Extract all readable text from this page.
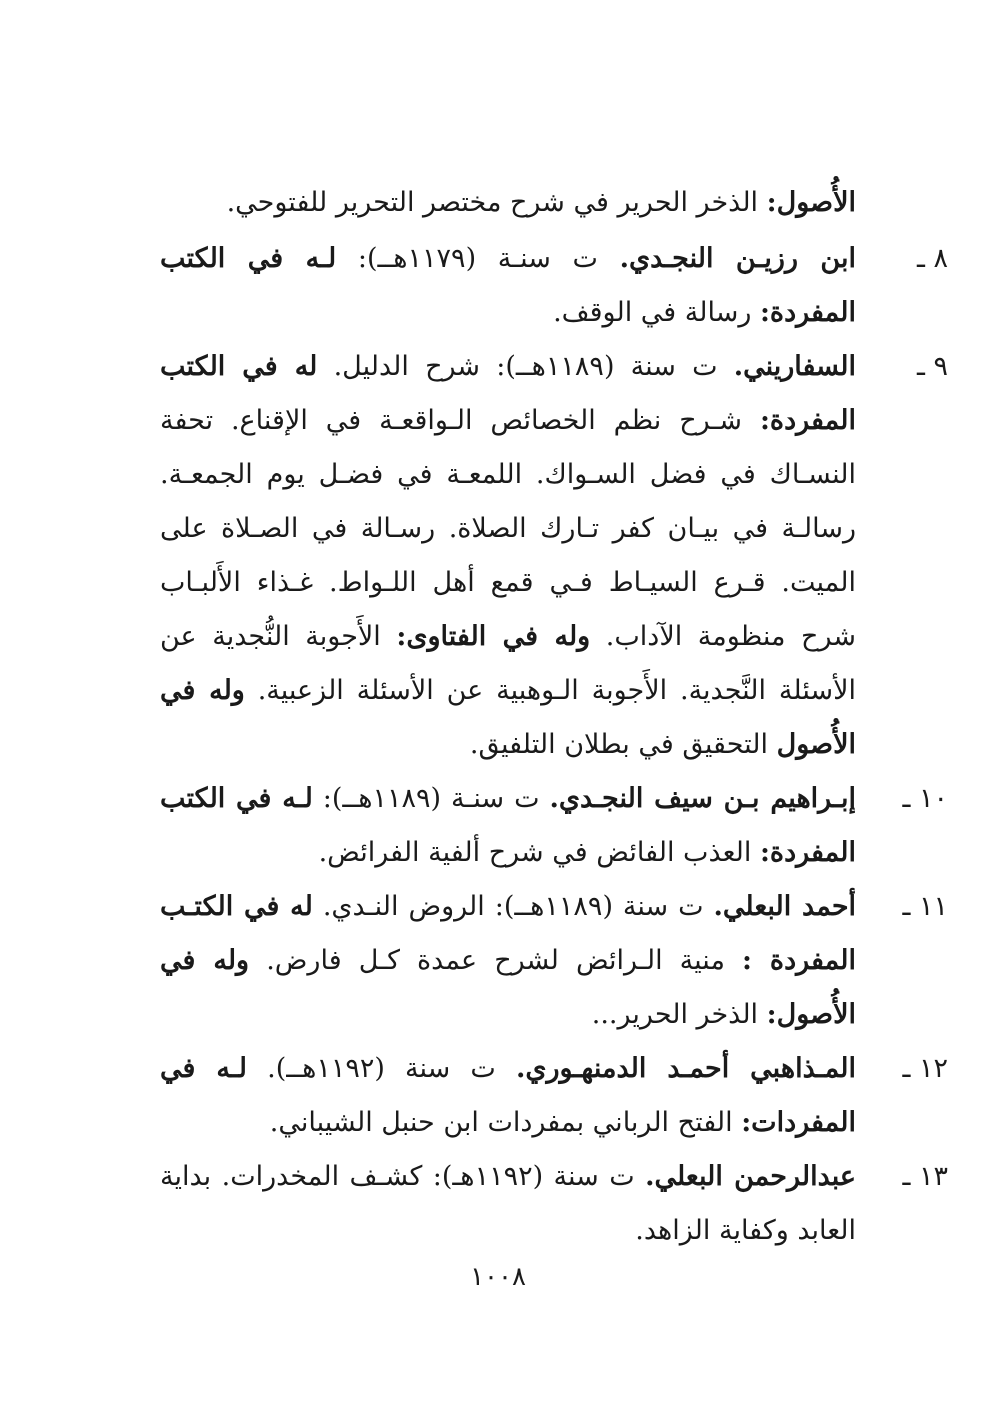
الأُصول: الذخر الحرير في شرح مختصر التحرير للفتوحي.

٨ ـ
ابن رزيـن النجـدي. ت سنـة (١١٧٩هــ): لـه في الكتب المفردة: رسالة في الوقف.

٩ ـ
السفاريني. ت سنة (١١٨٩هــ): شرح الدليل. له في الكتب المفردة: شـرح نظم الخصائص الـواقعـة في الإقناع. تحفة النسـاك في فضل السـواك. اللمعـة في فضـل يوم الجمعـة. رسالـة في بيـان كفر تـارك الصلاة. رسـالة في الصـلاة على الميت. قـرع السيـاط فـي قمع أهل اللـواط. غـذاء الأَلبـاب شرح منظومة الآداب. وله في الفتاوى: الأَجوبة النُّجدية عن الأسئلة النَّجدية. الأَجوبة الـوهبية عن الأسئلة الزعبية. وله في الأُصول التحقيق في بطلان التلفيق.

١٠ ـ
إبـراهيم بـن سيف النجـدي. ت سنـة (١١٨٩هــ): لـه في الكتب المفردة: العذب الفائض في شرح ألفية الفرائض.

١١ ـ
أحمد البعلي. ت سنة (١١٨٩هــ): الروض النـدي. له في الكتـب المفردة : منية الـرائض لشرح عمدة كـل فارض. وله في الأُصول: الذخر الحرير...

١٢ ـ
المـذاهبي أحمـد الدمنهـوري. ت سنة (١١٩٢هــ). لـه في المفردات: الفتح الرباني بمفردات ابن حنبل الشيباني.

١٣ ـ
عبدالرحمن البعلي. ت سنة (١١٩٢هـ): كشـف المخدرات. بداية العابد وكفاية الزاهد.

١٠٠٨
